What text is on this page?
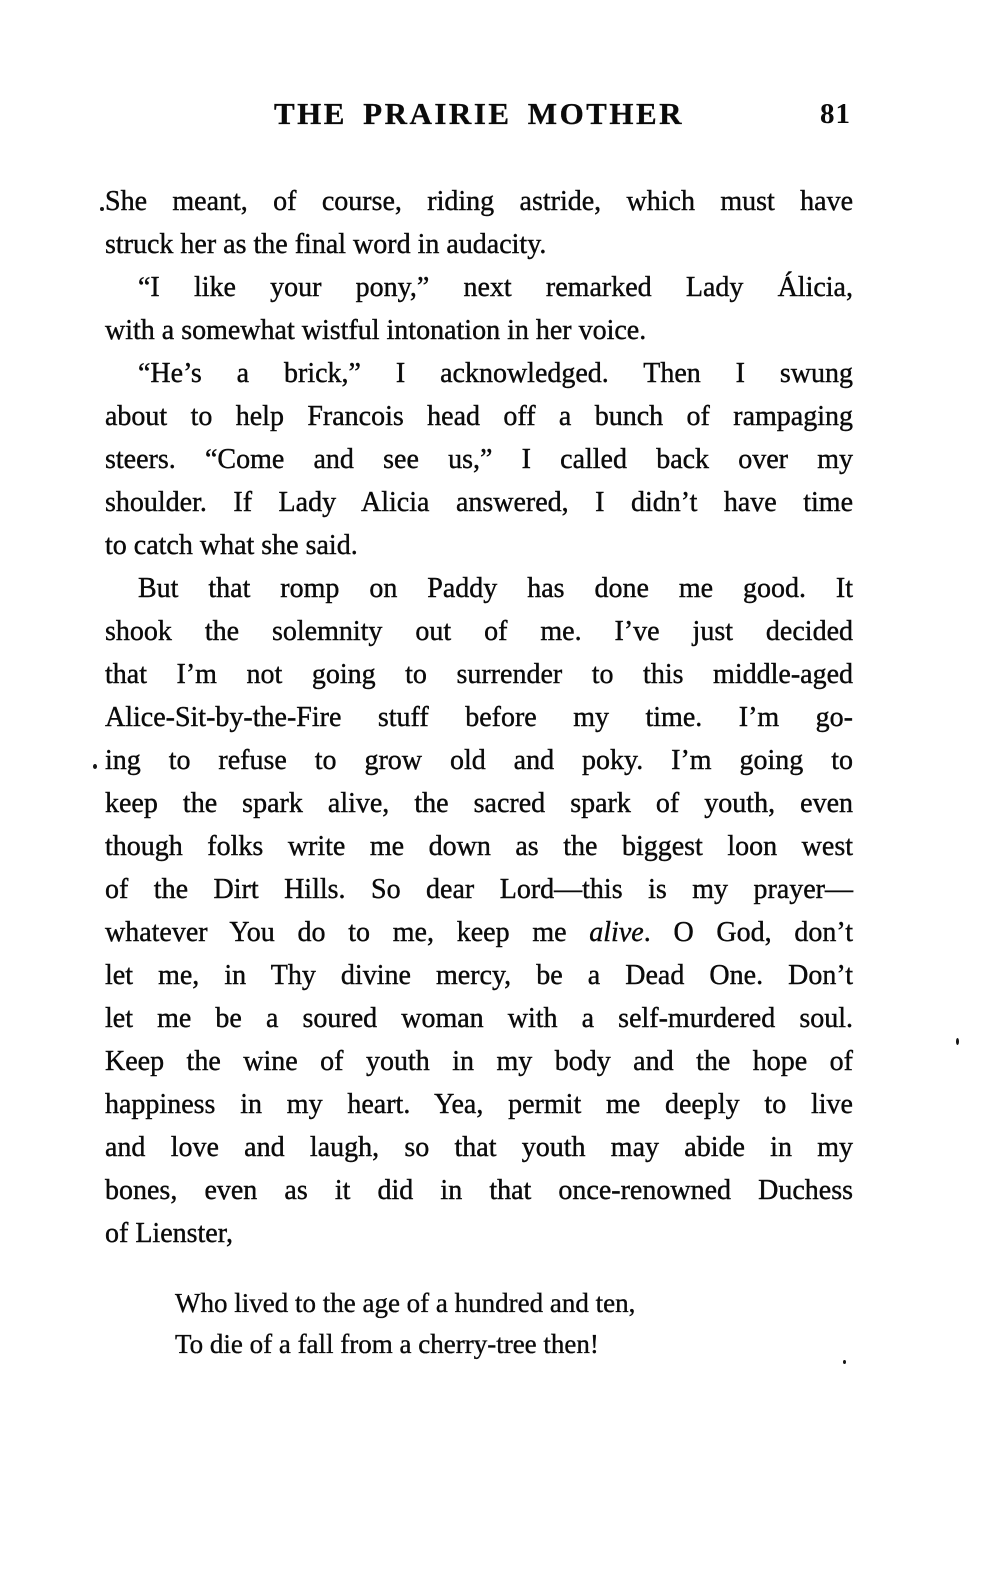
THE PRAIRIE MOTHER	81
She meant, of course, riding astride, which must have
struck her as the final word in audacity.
“I like your pony,” next remarked Lady Álicia,
with a somewhat wistful intonation in her voice.
“He’s a brick,” I acknowledged. Then I swung
about to help Francois head off a bunch of rampaging
steers. “Come and see us,” I called back over my
shoulder. If Lady Alicia answered, I didn’t have time
to catch what she said.
But that romp on Paddy has done me good. It
shook the solemnity out of me. I’ve just decided
that I’m not going to surrender to this middle-aged
Alice-Sit-by-the-Fire stuff before my time. I’m go-
ing to refuse to grow old and poky. I’m going to
keep the spark alive, the sacred spark of youth, even
though folks write me down as the biggest loon west
of the Dirt Hills. So dear Lord—this is my prayer—
whatever You do to me, keep me alive. O God, don’t
let me, in Thy divine mercy, be a Dead One. Don’t
let me be a soured woman with a self-murdered soul.
Keep the wine of youth in my body and the hope of
happiness in my heart. Yea, permit me deeply to live
and love and laugh, so that youth may abide in my
bones, even as it did in that once-renowned Duchess
of Lienster,
Who lived to the age of a hundred and ten,
To die of a fall from a cherry-tree then!
